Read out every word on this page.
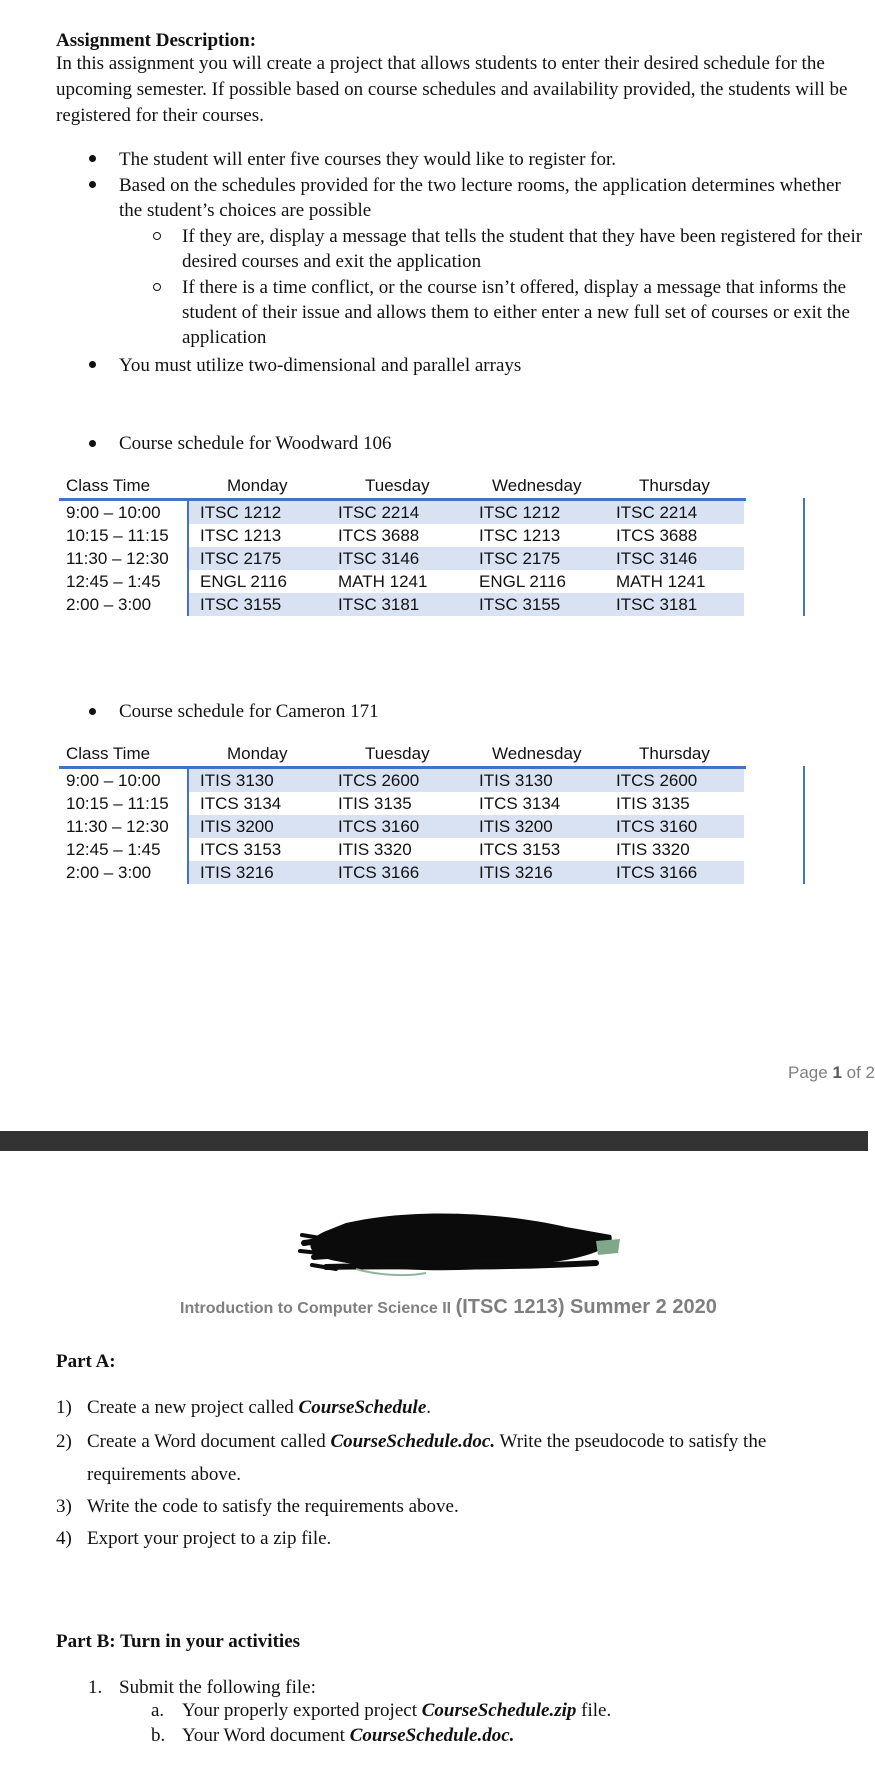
Assignment Description:
In this assignment you will create a project that allows students to enter their desired schedule for the
upcoming semester. If possible based on course schedules and availability provided, the students will be
registered for their courses.
The student will enter five courses they would like to register for.
Based on the schedules provided for the two lecture rooms, the application determines whether
the student’s choices are possible
If they are, display a message that tells the student that they have been registered for their
desired courses and exit the application
If there is a time conflict, or the course isn’t offered, display a message that informs the
student of their issue and allows them to either enter a new full set of courses or exit the
application
You must utilize two-dimensional and parallel arrays
Course schedule for Woodward 106
Class Time	Monday	Tuesday	Wednesday	Thursday
9:00 – 10:00 ITSC 1212	ITSC 2214	ITSC 1212	ITSC 2214
10:15 – 11:15 ITSC 1213	ITCS 3688	ITSC 1213	ITCS 3688
11:30 – 12:30 ITSC 2175	ITSC 3146	ITSC 2175	ITSC 3146
12:45 – 1:45 ENGL 2116	MATH 1241	ENGL 2116	MATH 1241
2:00 – 3:00	ITSC 3155	ITSC 3181	ITSC 3155	ITSC 3181
Course schedule for Cameron 171
Class Time	Monday	Tuesday	Wednesday	Thursday
9:00 – 10:00 ITIS 3130	ITCS 2600	ITIS 3130	ITCS 2600
10:15 – 11:15 ITCS 3134	ITIS 3135	ITCS 3134	ITIS 3135
11:30 – 12:30 ITIS 3200	ITCS 3160	ITIS 3200	ITCS 3160
12:45 – 1:45 ITCS 3153	ITIS 3320	ITCS 3153	ITIS 3320
2:00 – 3:00	ITIS 3216	ITCS 3166	ITIS 3216	ITCS 3166
Page 1 of 2
Introduction to Computer Science II (ITSC 1213) Summer 2 2020
Part A:
1) Create a new project called CourseSchedule.
2) Create a Word document called CourseSchedule.doc. Write the pseudocode to satisfy the
requirements above.
3) Write the code to satisfy the requirements above.
4) Export your project to a zip file.
Part B: Turn in your activities
1. Submit the following file:
a. Your properly exported project CourseSchedule.zip file.
b. Your Word document CourseSchedule.doc.
